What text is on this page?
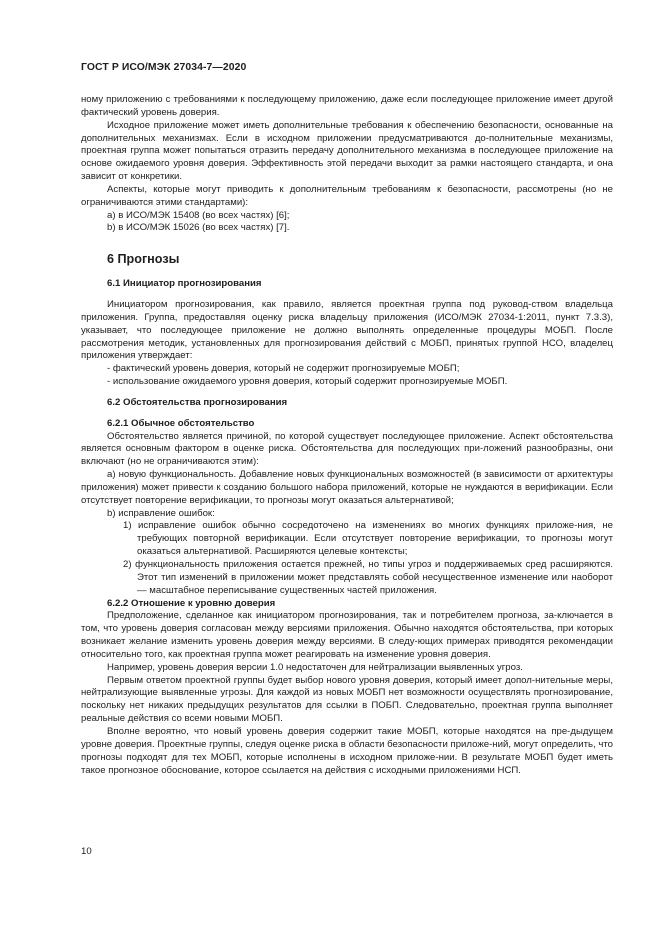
ГОСТ Р ИСО/МЭК 27034-7—2020

ному приложению с требованиями к последующему приложению, даже если последующее приложение имеет другой фактический уровень доверия.

Исходное приложение может иметь дополнительные требования к обеспечению безопасности, основанные на дополнительных механизмах. Если в исходном приложении предусматриваются до-полнительные механизмы, проектная группа может попытаться отразить передачу дополнительного механизма в последующее приложение на основе ожидаемого уровня доверия. Эффективность этой передачи выходит за рамки настоящего стандарта, и она зависит от конкретики.

Аспекты, которые могут приводить к дополнительным требованиям к безопасности, рассмотрены (но не ограничиваются этими стандартами):

a) в ИСО/МЭК 15408 (во всех частях) [6];

b) в ИСО/МЭК 15026 (во всех частях) [7].

6 Прогнозы
6.1 Инициатор прогнозирования

Инициатором прогнозирования, как правило, является проектная группа под руковод-ством владельца приложения. Группа, предоставляя оценку риска владельцу приложения (ИСО/МЭК 27034-1:2011, пункт 7.3.3), указывает, что последующее приложение не должно выполнять определенные процедуры МОБП. После рассмотрения методик, установленных для прогнозирования действий с МОБП, принятых группой НСО, владелец приложения утверждает:

- фактический уровень доверия, который не содержит прогнозируемые МОБП;

- использование ожидаемого уровня доверия, который содержит прогнозируемые МОБП.

6.2 Обстоятельства прогнозирования
6.2.1 Обычное обстоятельство

Обстоятельство является причиной, по которой существует последующее приложение. Аспект обстоятельства является основным фактором в оценке риска. Обстоятельства для последующих при-ложений разнообразны, они включают (но не ограничиваются этим):

a) новую функциональность. Добавление новых функциональных возможностей (в зависимости от архитектуры приложения) может привести к созданию большого набора приложений, которые не нуждаются в верификации. Если отсутствует повторение верификации, то прогнозы могут оказаться альтернативой;

b) исправление ошибок:

1) исправление ошибок обычно сосредоточено на изменениях во многих функциях приложе-ния, не требующих повторной верификации. Если отсутствует повторение верификации, то прогнозы могут оказаться альтернативой. Расширяются целевые контексты;

2) функциональность приложения остается прежней, но типы угроз и поддерживаемых сред расширяются. Этот тип изменений в приложении может представлять собой несущественное изменение или наоборот — масштабное переписывание существенных частей приложения.

6.2.2 Отношение к уровню доверия

Предположение, сделанное как инициатором прогнозирования, так и потребителем прогноза, за-ключается в том, что уровень доверия согласован между версиями приложения. Обычно находятся обстоятельства, при которых возникает желание изменить уровень доверия между версиями. В следу-ющих примерах приводятся рекомендации относительно того, как проектная группа может реагировать на изменение уровня доверия.

Например, уровень доверия версии 1.0 недостаточен для нейтрализации выявленных угроз.

Первым ответом проектной группы будет выбор нового уровня доверия, который имеет допол-нительные меры, нейтрализующие выявленные угрозы. Для каждой из новых МОБП нет возможности осуществлять прогнозирование, поскольку нет никаких предыдущих результатов для ссылки в ПОБП. Следовательно, проектная группа выполняет реальные действия со всеми новыми МОБП.

Вполне вероятно, что новый уровень доверия содержит такие МОБП, которые находятся на пре-дыдущем уровне доверия. Проектные группы, следуя оценке риска в области безопасности приложе-ний, могут определить, что прогнозы подходят для тех МОБП, которые исполнены в исходном приложе-нии. В результате МОБП будет иметь такое прогнозное обоснование, которое ссылается на действия с исходными приложениями НСП.

10
